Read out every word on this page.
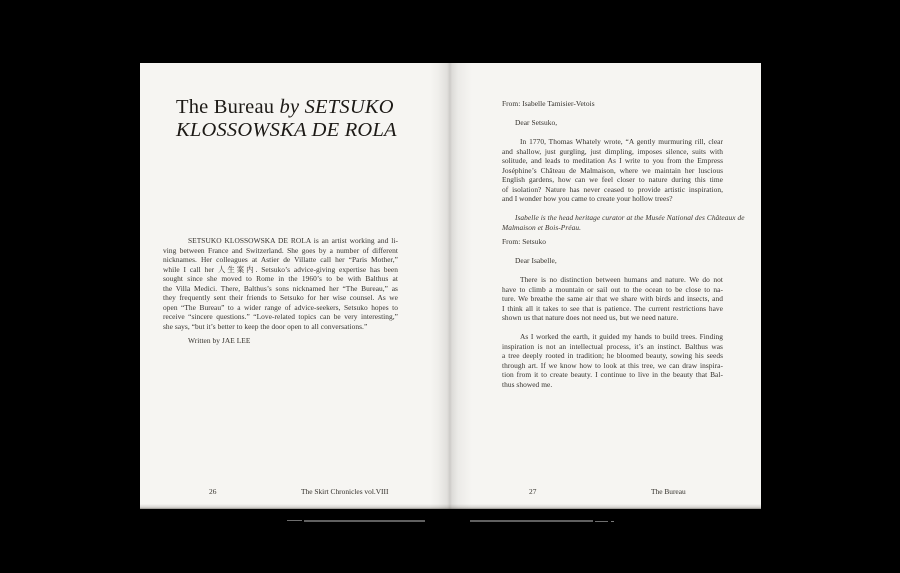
The Bureau by SETSUKO
KLOSSOWSKA DE ROLA
SETSUKO KLOSSOWSKA DE ROLA is an artist working and li-
ving between France and Switzerland. She goes by a number of different
nicknames. Her colleagues at Astier de Villatte call her “Paris Mother,”
while I call her 人生案内. Setsuko’s advice-giving expertise has been
sought since she moved to Rome in the 1960’s to be with Balthus at
the Villa Medici. There, Balthus’s sons nicknamed her “The Bureau,” as
they frequently sent their friends to Setsuko for her wise counsel. As we
open “The Bureau” to a wider range of advice-seekers, Setsuko hopes to
receive “sincere questions.” “Love-related topics can be very interesting,”
she says, “but it’s better to keep the door open to all conversations.”
Written by JAE LEE
26	The Skirt Chronicles vol.VIII
From: Isabelle Tamisier-Vetois
Dear Setsuko,
In 1770, Thomas Whately wrote, “A gently murmuring rill, clear
and shallow, just gurgling, just dimpling, imposes silence, suits with
solitude, and leads to meditation As I write to you from the Empress
Joséphine’s Château de Malmaison, where we maintain her luscious
English gardens, how can we feel closer to nature during this time
of isolation? Nature has never ceased to provide artistic inspiration,
and I wonder how you came to create your hollow trees?
Isabelle is the head heritage curator at the Musée National des Châteaux de
Malmaison et Bois-Préau.
From: Setsuko
Dear Isabelle,
There is no distinction between humans and nature. We do not
have to climb a mountain or sail out to the ocean to be close to na-
ture. We breathe the same air that we share with birds and insects, and
I think all it takes to see that is patience. The current restrictions have
shown us that nature does not need us, but we need nature.
As I worked the earth, it guided my hands to build trees. Finding
inspiration is not an intellectual process, it’s an instinct. Balthus was
a tree deeply rooted in tradition; he bloomed beauty, sowing his seeds
through art. If we know how to look at this tree, we can draw inspira-
tion from it to create beauty. I continue to live in the beauty that Bal-
thus showed me.
27	The Bureau
